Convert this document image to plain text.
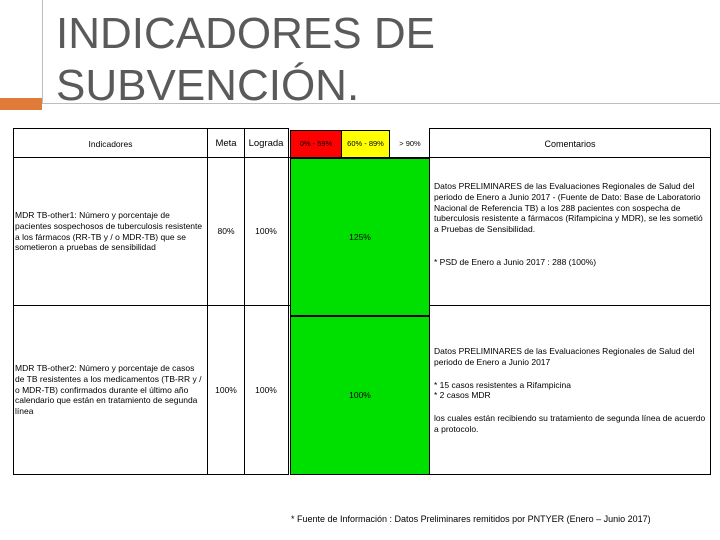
INDICADORES DE SUBVENCIÓN.
Indicadores	Meta Lograda 0% - 59% 60% - 89% > 90%	Comentarios
MDR TB-other1: Número y porcentaje de pacientes sospechosos de tuberculosis resistente a los fármacos (RR-TB y / o MDR-TB) que se sometieron a pruebas de sensibilidad
80% 100%
125%
Datos PRELIMINARES de las Evaluaciones Regionales de Salud del periodo de Enero a Junio 2017 - (Fuente de Dato: Base de Laboratorio Nacional de Referencia TB) a los 288 pacientes con sospecha de tuberculosis resistente a fármacos (Rifampicina y MDR), se les sometió a Pruebas de Sensibilidad.
* PSD de Enero a Junio 2017 : 288 (100%)
MDR TB-other2: Número y porcentaje de casos de TB resistentes a los medicamentos (TB-RR y / o MDR-TB) confirmados durante el último año calendario que están en tratamiento de segunda línea
100% 100%
100%
Datos PRELIMINARES de las Evaluaciones Regionales de Salud del periodo de Enero a Junio 2017
* 15 casos resistentes a Rifampicina
* 2 casos MDR
los cuales están recibiendo su tratamiento de segunda línea de acuerdo a protocolo.
* Fuente de Información : Datos Preliminares remitidos por PNTYER (Enero – Junio 2017)
